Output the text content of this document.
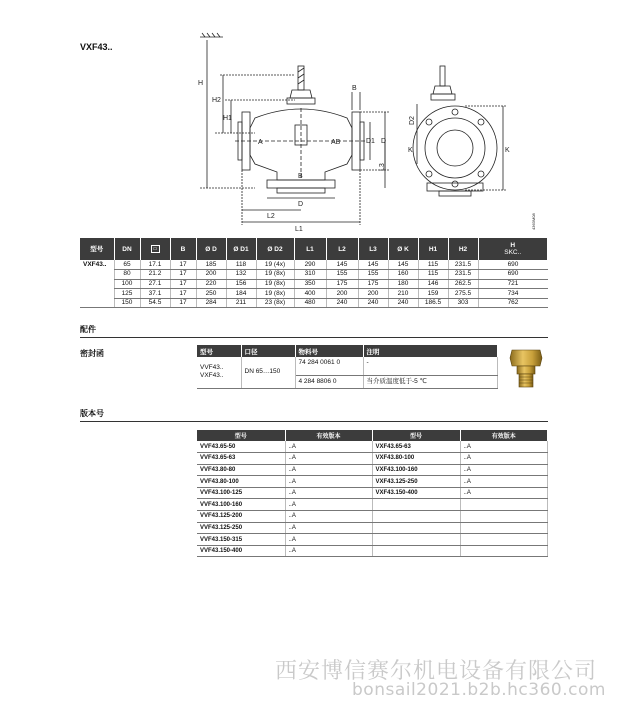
VXF43..
H
H2
H1
A	AB
B
B
D1 D
L3
D
L2
L1
D2
K	K
4363M08
型号	DN	▭	B	Ø D	Ø D1	Ø D2	L1	L2	L3	Ø K	H1	H2	H
SKC..
VXF43..	65	17.1	17	185	118	19 (4x)	290	145	145	145	115	231.5	690
	80	21.2	17	200	132	19 (8x)	310	155	155	160	115	231.5	690
	100	27.1	17	220	156	19 (8x)	350	175	175	180	146	262.5	721
	125	37.1	17	250	184	19 (8x)	400	200	200	210	159	275.5	734
	150	54.5	17	284	211	23 (8x)	480	240	240	240	186.5	303	762
配件
密封函	型号	口径	物料号	注明
VVF43..
VXF43..	DN 65…150	74 284 0061 0	-
		4 284 8806 0	当介质温度低于-5 ℃
版本号
型号	有效版本	型号	有效版本
VVF43.65-50	..A	VXF43.65-63	..A
VVF43.65-63	..A	VXF43.80-100	..A
VVF43.80-80	..A	VXF43.100-160	..A
VVF43.80-100	..A	VXF43.125-250	..A
VVF43.100-125	..A	VXF43.150-400	..A
VVF43.100-160	..A		
VVF43.125-200	..A		
VVF43.125-250	..A		
VVF43.150-315	..A		
VVF43.150-400	..A		
西安博信赛尔机电设备有限公司
bonsail2021.b2b.hc360.com
